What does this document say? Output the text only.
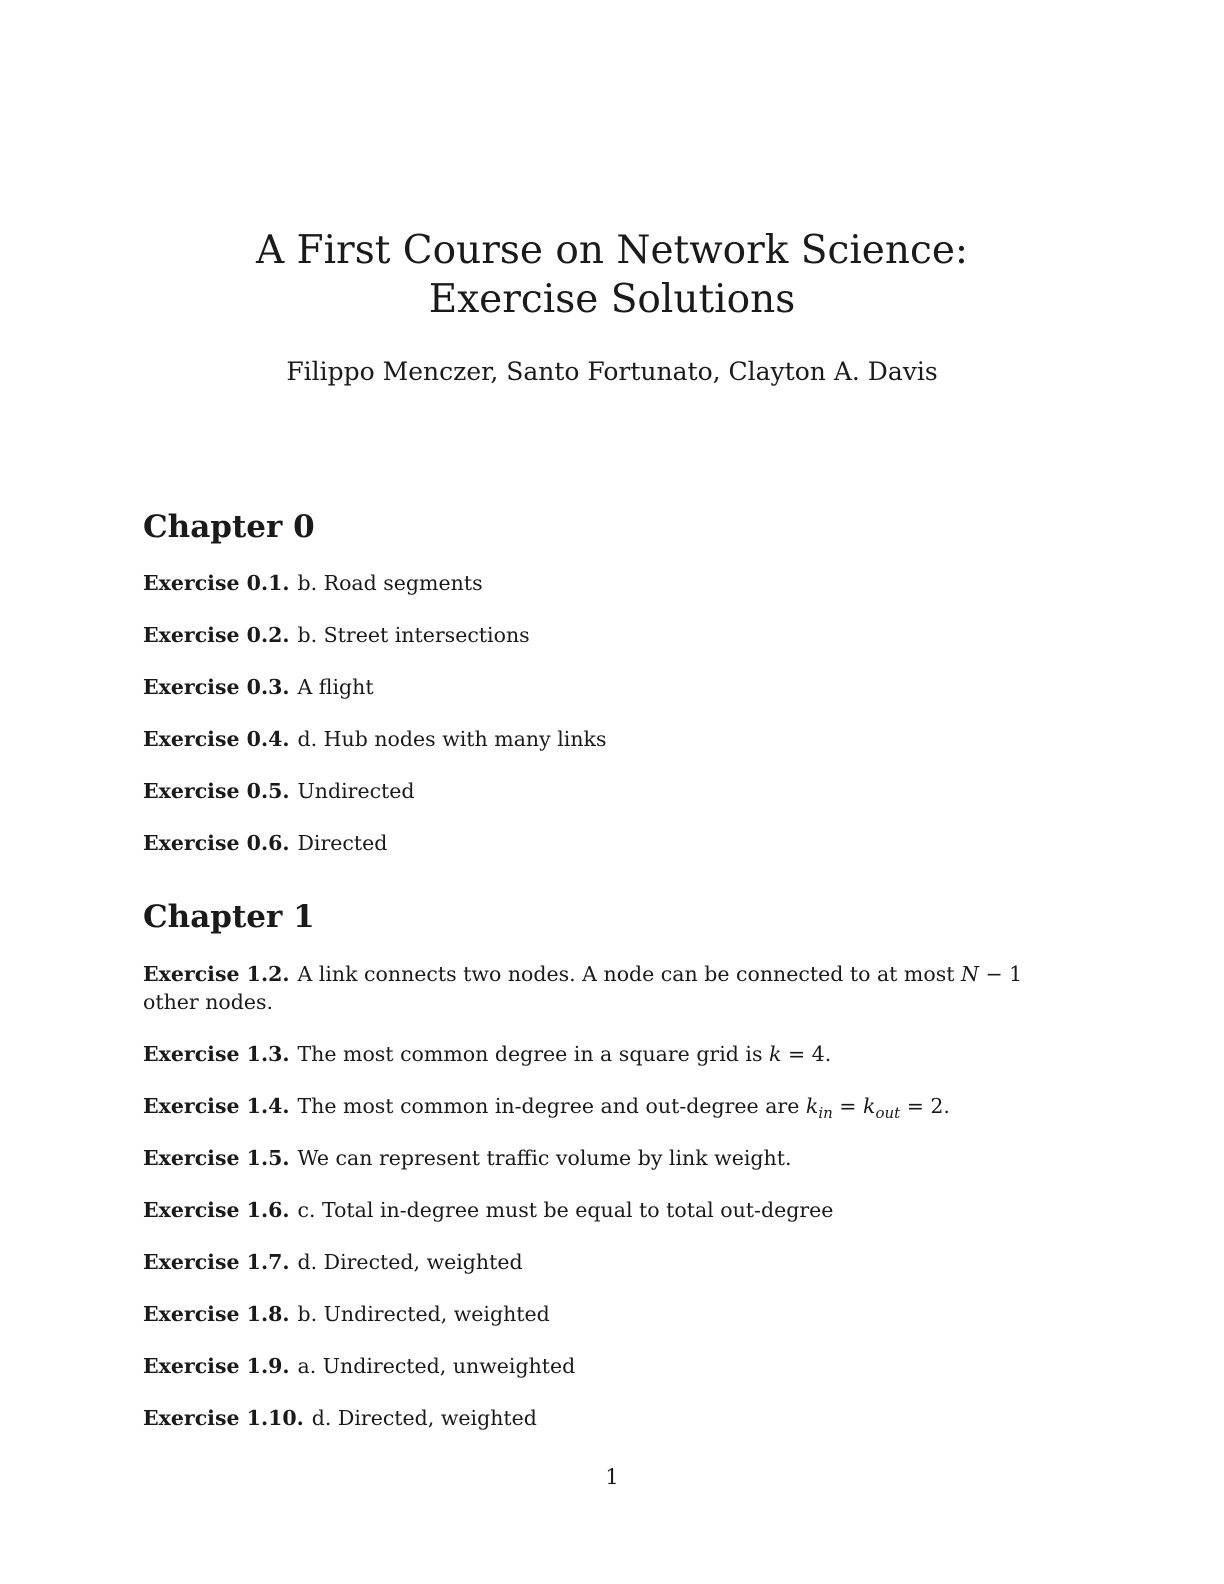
A First Course on Network Science:
Exercise Solutions
Filippo Menczer, Santo Fortunato, Clayton A. Davis
Chapter 0

Exercise 0.1. b. Road segments

Exercise 0.2. b. Street intersections

Exercise 0.3. A flight

Exercise 0.4. d. Hub nodes with many links

Exercise 0.5. Undirected

Exercise 0.6. Directed

Chapter 1

Exercise 1.2. A link connects two nodes. A node can be connected to at most N − 1 other nodes.

Exercise 1.3. The most common degree in a square grid is k = 4.

Exercise 1.4. The most common in-degree and out-degree are $k_{in} = k_{out} = 2$.

Exercise 1.5. We can represent traffic volume by link weight.

Exercise 1.6. c. Total in-degree must be equal to total out-degree

Exercise 1.7. d. Directed, weighted

Exercise 1.8. b. Undirected, weighted

Exercise 1.9. a. Undirected, unweighted

Exercise 1.10. d. Directed, weighted

1
